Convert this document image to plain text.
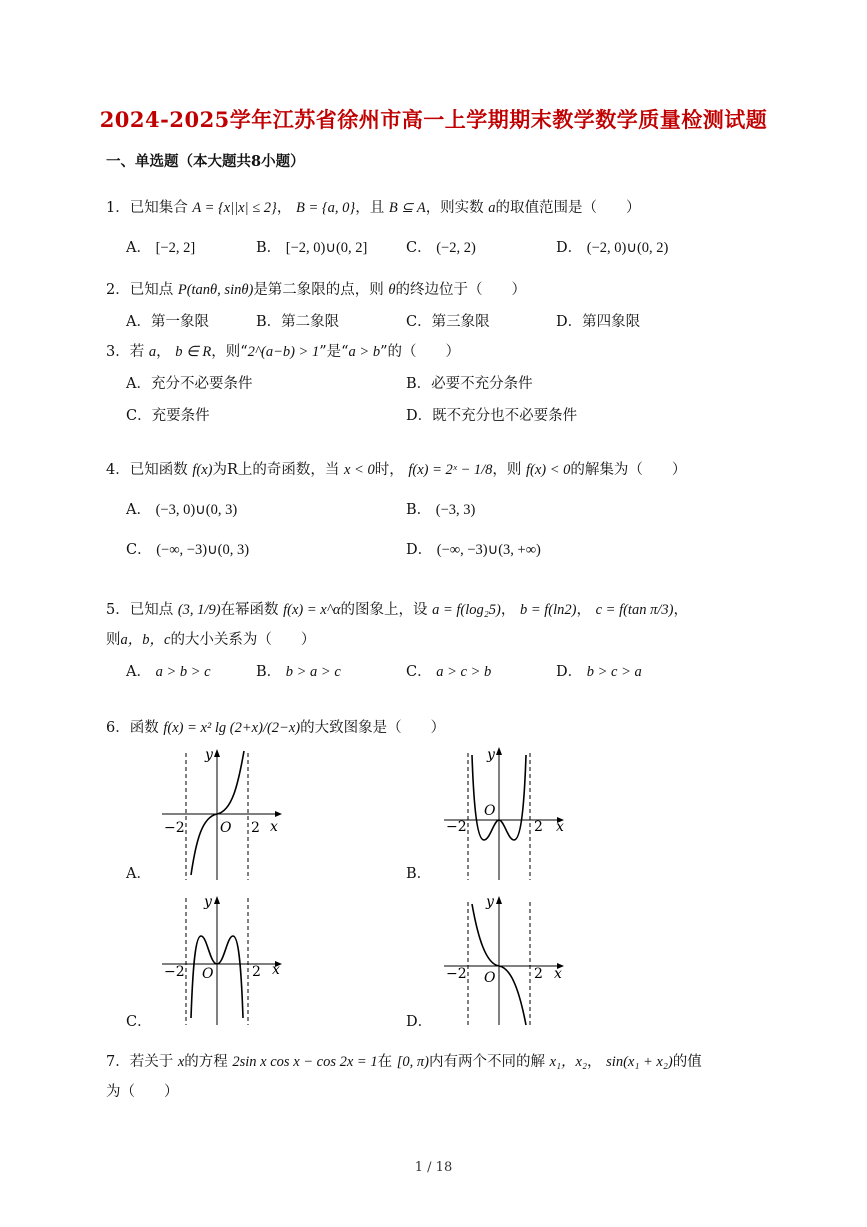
2024-2025学年江苏省徐州市高一上学期期末教学数学质量检测试题
一、单选题（本大题共8小题）
1．已知集合 A = {x||x| ≤ 2}， B = {a, 0}，且 B ⊆ A，则实数 a的取值范围是（　　）
A． [−2, 2]	B． [−2, 0)∪(0, 2]	C． (−2, 2)	D． (−2, 0)∪(0, 2)
2．已知点 P(tanθ, sinθ)是第二象限的点，则 θ的终边位于（　　）
A．第一象限	B．第二象限	C．第三象限	D．第四象限
3．若 a， b ∈ R，则“2^(a−b) > 1”是“a > b”的（　　）
A．充分不必要条件	B．必要不充分条件
C．充要条件	D．既不充分也不必要条件
4．已知函数 f(x)为R上的奇函数，当 x < 0时， f(x) = 2ˣ − 1/8，则 f(x) < 0的解集为（　　）
A． (−3, 0)∪(0, 3)	B． (−3, 3)
C． (−∞, −3)∪(0, 3)	D． (−∞, −3)∪(3, +∞)
5．已知点 (3, 1/9)在幂函数 f(x) = x^α的图象上，设 a = f(log₂5)， b = f(ln2)， c = f(tan π/3)，
则a，b，c的大小关系为（　　）
A． a > b > c	B． b > a > c	C． a > c > b	D． b > c > a
6．函数 f(x) = x² lg (2+x)/(2−x)的大致图象是（　　）
y
x
O
−2	2
A．
y
x
O
−2	2
B．
y
x
O
−2	2
C．
y
x
O
−2	2
D．
7．若关于 x的方程 2sin x cos x − cos 2x = 1在 [0, π)内有两个不同的解 x₁，x₂， sin(x₁ + x₂)的值
为（　　）
1 / 18
